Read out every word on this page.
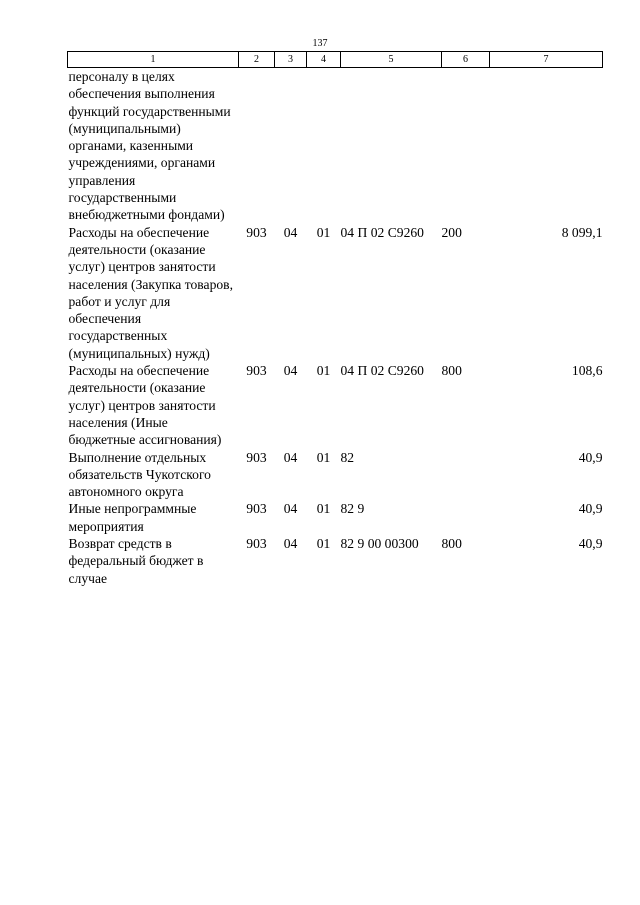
137
1	2	3	4	5	6	7
персоналу в целях обеспечения выполнения функций государственными (муниципальными) органами, казенными учреждениями, органами управления государственными внебюджетными фондами)						
Расходы на обеспечение деятельности (оказание услуг) центров занятости населения (Закупка товаров, работ и услуг для обеспечения государственных (муниципальных) нужд)	903	04	01	04 П 02 С9260	200	8 099,1
Расходы на обеспечение деятельности (оказание услуг) центров занятости населения (Иные бюджетные ассигнования)	903	04	01	04 П 02 С9260	800	108,6
Выполнение отдельных обязательств Чукотского автономного округа	903	04	01	82		40,9
Иные непрограммные мероприятия	903	04	01	82 9		40,9
Возврат средств в федеральный бюджет в случае	903	04	01	82 9 00 00300	800	40,9
